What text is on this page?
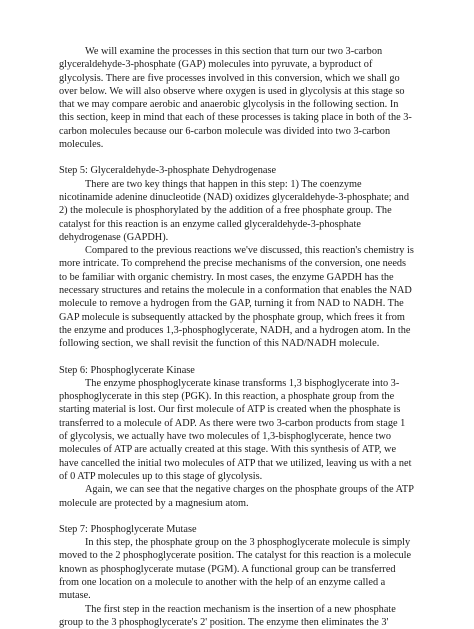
We will examine the processes in this section that turn our two 3-carbon glyceraldehyde-3-phosphate (GAP) molecules into pyruvate, a byproduct of glycolysis. There are five processes involved in this conversion, which we shall go over below. We will also observe where oxygen is used in glycolysis at this stage so that we may compare aerobic and anaerobic glycolysis in the following section. In this section, keep in mind that each of these processes is taking place in both of the 3-carbon molecules because our 6-carbon molecule was divided into two 3-carbon molecules.

Step 5: Glyceraldehyde-3-phosphate Dehydrogenase

There are two key things that happen in this step: 1) The coenzyme nicotinamide adenine dinucleotide (NAD) oxidizes glyceraldehyde-3-phosphate; and 2) the molecule is phosphorylated by the addition of a free phosphate group. The catalyst for this reaction is an enzyme called glyceraldehyde-3-phosphate dehydrogenase (GAPDH).

Compared to the previous reactions we've discussed, this reaction's chemistry is more intricate. To comprehend the precise mechanisms of the conversion, one needs to be familiar with organic chemistry. In most cases, the enzyme GAPDH has the necessary structures and retains the molecule in a conformation that enables the NAD molecule to remove a hydrogen from the GAP, turning it from NAD to NADH. The GAP molecule is subsequently attacked by the phosphate group, which frees it from the enzyme and produces 1,3-phosphoglycerate, NADH, and a hydrogen atom. In the following section, we shall revisit the function of this NAD/NADH molecule.

Step 6: Phosphoglycerate Kinase

The enzyme phosphoglycerate kinase transforms 1,3 bisphoglycerate into 3-phosphoglycerate in this step (PGK). In this reaction, a phosphate group from the starting material is lost. Our first molecule of ATP is created when the phosphate is transferred to a molecule of ADP. As there were two 3-carbon products from stage 1 of glycolysis, we actually have two molecules of 1,3-bisphoglycerate, hence two molecules of ATP are actually created at this stage. With this synthesis of ATP, we have cancelled the initial two molecules of ATP that we utilized, leaving us with a net of 0 ATP molecules up to this stage of glycolysis.

Again, we can see that the negative charges on the phosphate groups of the ATP molecule are protected by a magnesium atom.

Step 7: Phosphoglycerate Mutase

In this step, the phosphate group on the 3 phosphoglycerate molecule is simply moved to the 2 phosphoglycerate position. The catalyst for this reaction is a molecule known as phosphoglycerate mutase (PGM). A functional group can be transferred from one location on a molecule to another with the help of an enzyme called a mutase.

The first step in the reaction mechanism is the insertion of a new phosphate group to the 3 phosphoglycerate's 2' position. The enzyme then eliminates the 3'
